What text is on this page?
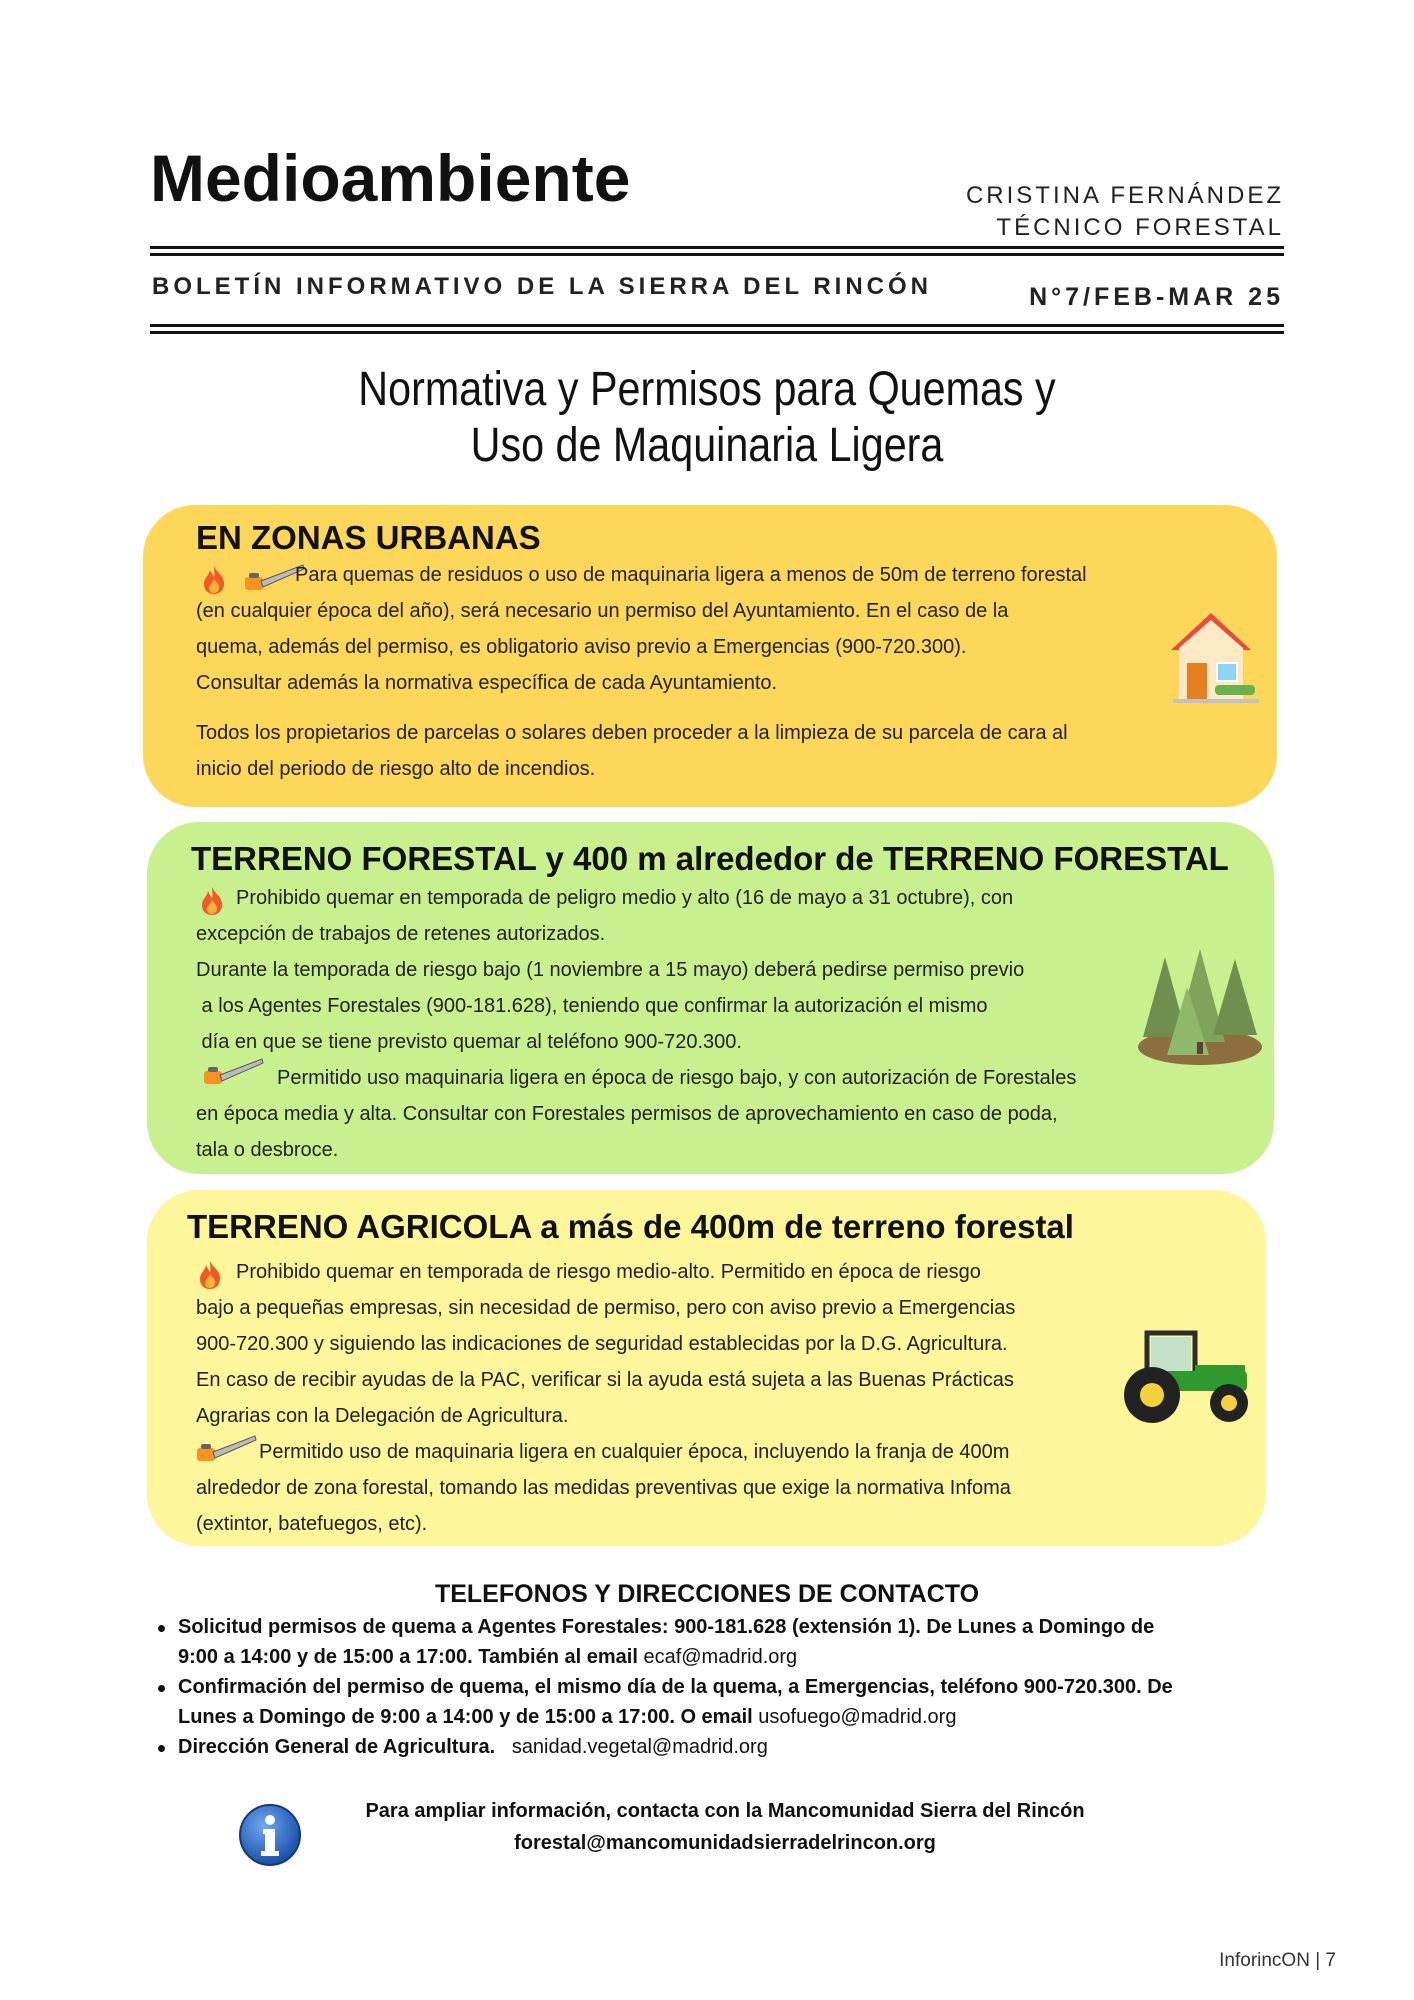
Medioambiente	CRISTINA FERNÁNDEZ
TÉCNICO FORESTAL
BOLETÍN INFORMATIVO DE LA SIERRA DEL RINCÓN	N°7/FEB-MAR 25
Normativa y Permisos para Quemas y
Uso de Maquinaria Ligera
EN ZONAS URBANAS
Para quemas de residuos o uso de maquinaria ligera a menos de 50m de terreno forestal
(en cualquier época del año), será necesario un permiso del Ayuntamiento. En el caso de la
quema, además del permiso, es obligatorio aviso previo a Emergencias (900-720.300).
Consultar además la normativa específica de cada Ayuntamiento.
Todos los propietarios de parcelas o solares deben proceder a la limpieza de su parcela de cara al
inicio del periodo de riesgo alto de incendios.
TERRENO FORESTAL y 400 m alrededor de TERRENO FORESTAL
Prohibido quemar en temporada de peligro medio y alto (16 de mayo a 31 octubre), con
excepción de trabajos de retenes autorizados.
Durante la temporada de riesgo bajo (1 noviembre a 15 mayo) deberá pedirse permiso previo
a los Agentes Forestales (900-181.628), teniendo que confirmar la autorización el mismo
día en que se tiene previsto quemar al teléfono 900-720.300.
Permitido uso maquinaria ligera en época de riesgo bajo, y con autorización de Forestales
en época media y alta. Consultar con Forestales permisos de aprovechamiento en caso de poda,
tala o desbroce.
TERRENO AGRICOLA a más de 400m de terreno forestal
Prohibido quemar en temporada de riesgo medio-alto. Permitido en época de riesgo
bajo a pequeñas empresas, sin necesidad de permiso, pero con aviso previo a Emergencias
900-720.300 y siguiendo las indicaciones de seguridad establecidas por la D.G. Agricultura.
En caso de recibir ayudas de la PAC, verificar si la ayuda está sujeta a las Buenas Prácticas
Agrarias con la Delegación de Agricultura.
Permitido uso de maquinaria ligera en cualquier época, incluyendo la franja de 400m
alrededor de zona forestal, tomando las medidas preventivas que exige la normativa Infoma
(extintor, batefuegos, etc).
TELEFONOS Y DIRECCIONES DE CONTACTO
Solicitud permisos de quema a Agentes Forestales: 900-181.628 (extensión 1). De Lunes a Domingo de
9:00 a 14:00 y de 15:00 a 17:00. También al email ecaf@madrid.org
Confirmación del permiso de quema, el mismo día de la quema, a Emergencias, teléfono 900-720.300. De
Lunes a Domingo de 9:00 a 14:00 y de 15:00 a 17:00. O email usofuego@madrid.org
Dirección General de Agricultura.   sanidad.vegetal@madrid.org
Para ampliar información, contacta con la Mancomunidad Sierra del Rincón
forestal@mancomunidadsierradelrincon.org
InforincON | 7
